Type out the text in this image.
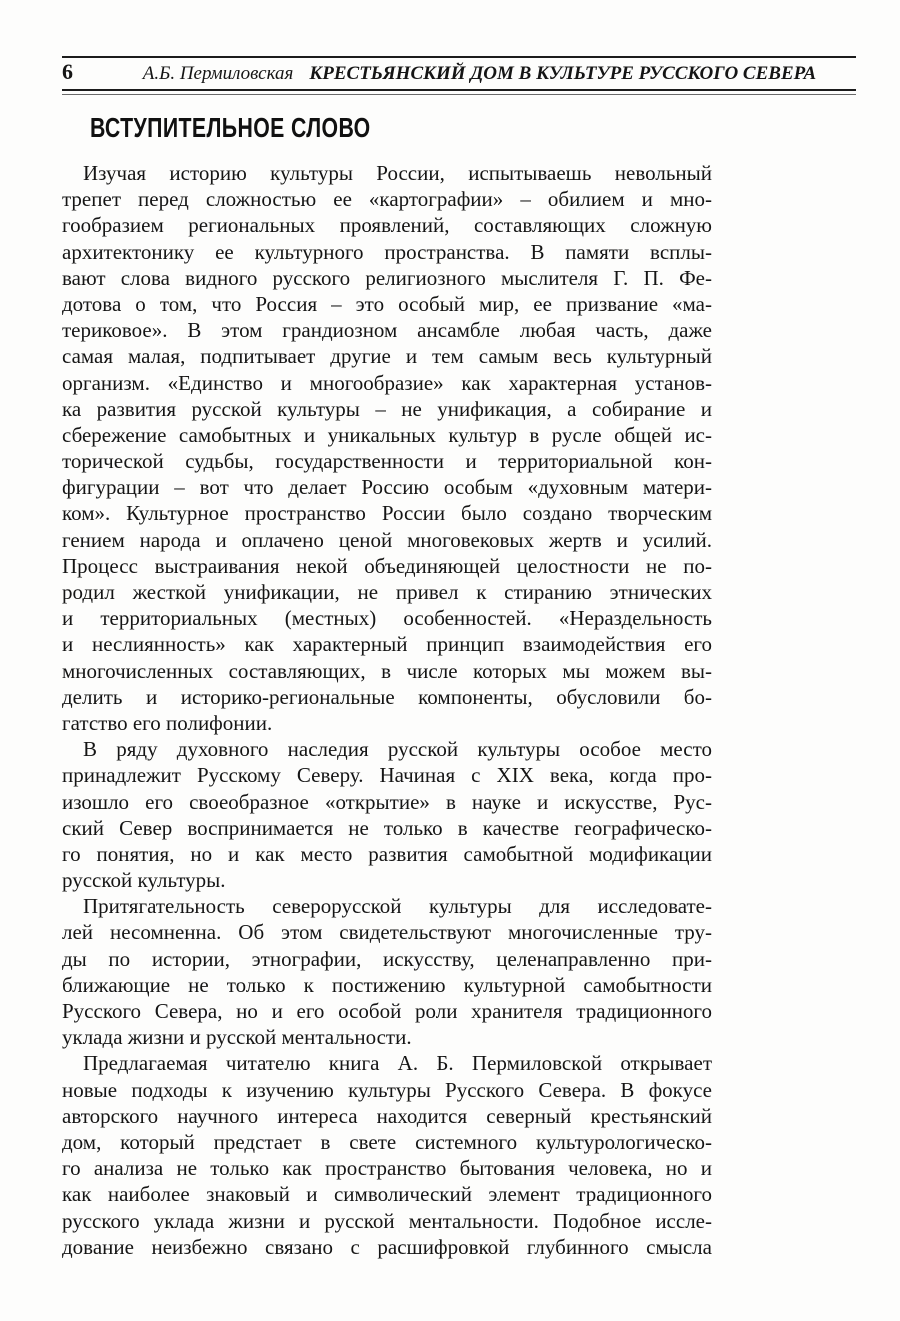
6	А.Б. Пермиловская КРЕСТЬЯНСКИЙ ДОМ В КУЛЬТУРЕ РУССКОГО СЕВЕРА
ВСТУПИТЕЛЬНОЕ СЛОВО
Изучая историю культуры России, испытываешь невольный
трепет перед сложностью ее «картографии» – обилием и мно-
гообразием региональных проявлений, составляющих сложную
архитектонику ее культурного пространства. В памяти всплы-
вают слова видного русского религиозного мыслителя Г. П. Фе-
дотова о том, что Россия – это особый мир, ее призвание «ма-
териковое». В этом грандиозном ансамбле любая часть, даже
самая малая, подпитывает другие и тем самым весь культурный
организм. «Единство и многообразие» как характерная установ-
ка развития русской культуры – не унификация, а собирание и
сбережение самобытных и уникальных культур в русле общей ис-
торической судьбы, государственности и территориальной кон-
фигурации – вот что делает Россию особым «духовным матери-
ком». Культурное пространство России было создано творческим
гением народа и оплачено ценой многовековых жертв и усилий.
Процесс выстраивания некой объединяющей целостности не по-
родил жесткой унификации, не привел к стиранию этнических
и территориальных (местных) особенностей. «Нераздельность
и неслиянность» как характерный принцип взаимодействия его
многочисленных составляющих, в числе которых мы можем вы-
делить и историко-региональные компоненты, обусловили бо-
гатство его полифонии.
В ряду духовного наследия русской культуры особое место
принадлежит Русскому Северу. Начиная с XIX века, когда про-
изошло его своеобразное «открытие» в науке и искусстве, Рус-
ский Север воспринимается не только в качестве географическо-
го понятия, но и как место развития самобытной модификации
русской культуры.
Притягательность северорусской культуры для исследовате-
лей несомненна. Об этом свидетельствуют многочисленные тру-
ды по истории, этнографии, искусству, целенаправленно при-
ближающие не только к постижению культурной самобытности
Русского Севера, но и его особой роли хранителя традиционного
уклада жизни и русской ментальности.
Предлагаемая читателю книга А. Б. Пермиловской открывает
новые подходы к изучению культуры Русского Севера. В фокусе
авторского научного интереса находится северный крестьянский
дом, который предстает в свете системного культурологическо-
го анализа не только как пространство бытования человека, но и
как наиболее знаковый и символический элемент традиционного
русского уклада жизни и русской ментальности. Подобное иссле-
дование неизбежно связано с расшифровкой глубинного смысла
